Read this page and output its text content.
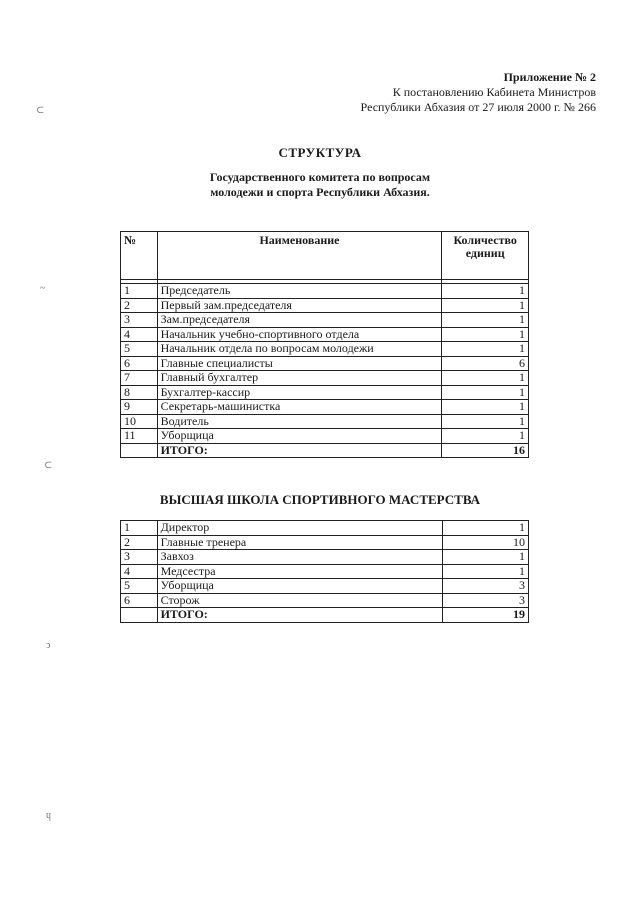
Приложение № 2
К постановлению Кабинета Министров
Республики Абхазия от 27 июля 2000 г. № 266
СТРУКТУРА
Государственного комитета по вопросам
молодежи и спорта Республики Абхазия.
№	Наименование	Количество единиц

1	Председатель	1
2	Первый зам.председателя	1
3	Зам.председателя	1
4	Начальник учебно-спортивного отдела	1
5	Начальник отдела по вопросам молодежи	1
6	Главные специалисты	6
7	Главный бухгалтер	1
8	Бухгалтер-кассир	1
9	Секретарь-машинистка	1
10	Водитель	1
11	Уборщица	1
	ИТОГО:	16
ВЫСШАЯ ШКОЛА СПОРТИВНОГО МАСТЕРСТВА
1	Директор	1
2	Главные тренера	10
3	Завхоз	1
4	Медсестра	1
5	Уборщица	3
6	Сторож	3
	ИТОГО:	19
⊂
~
⊂
ↄ
ɥ
